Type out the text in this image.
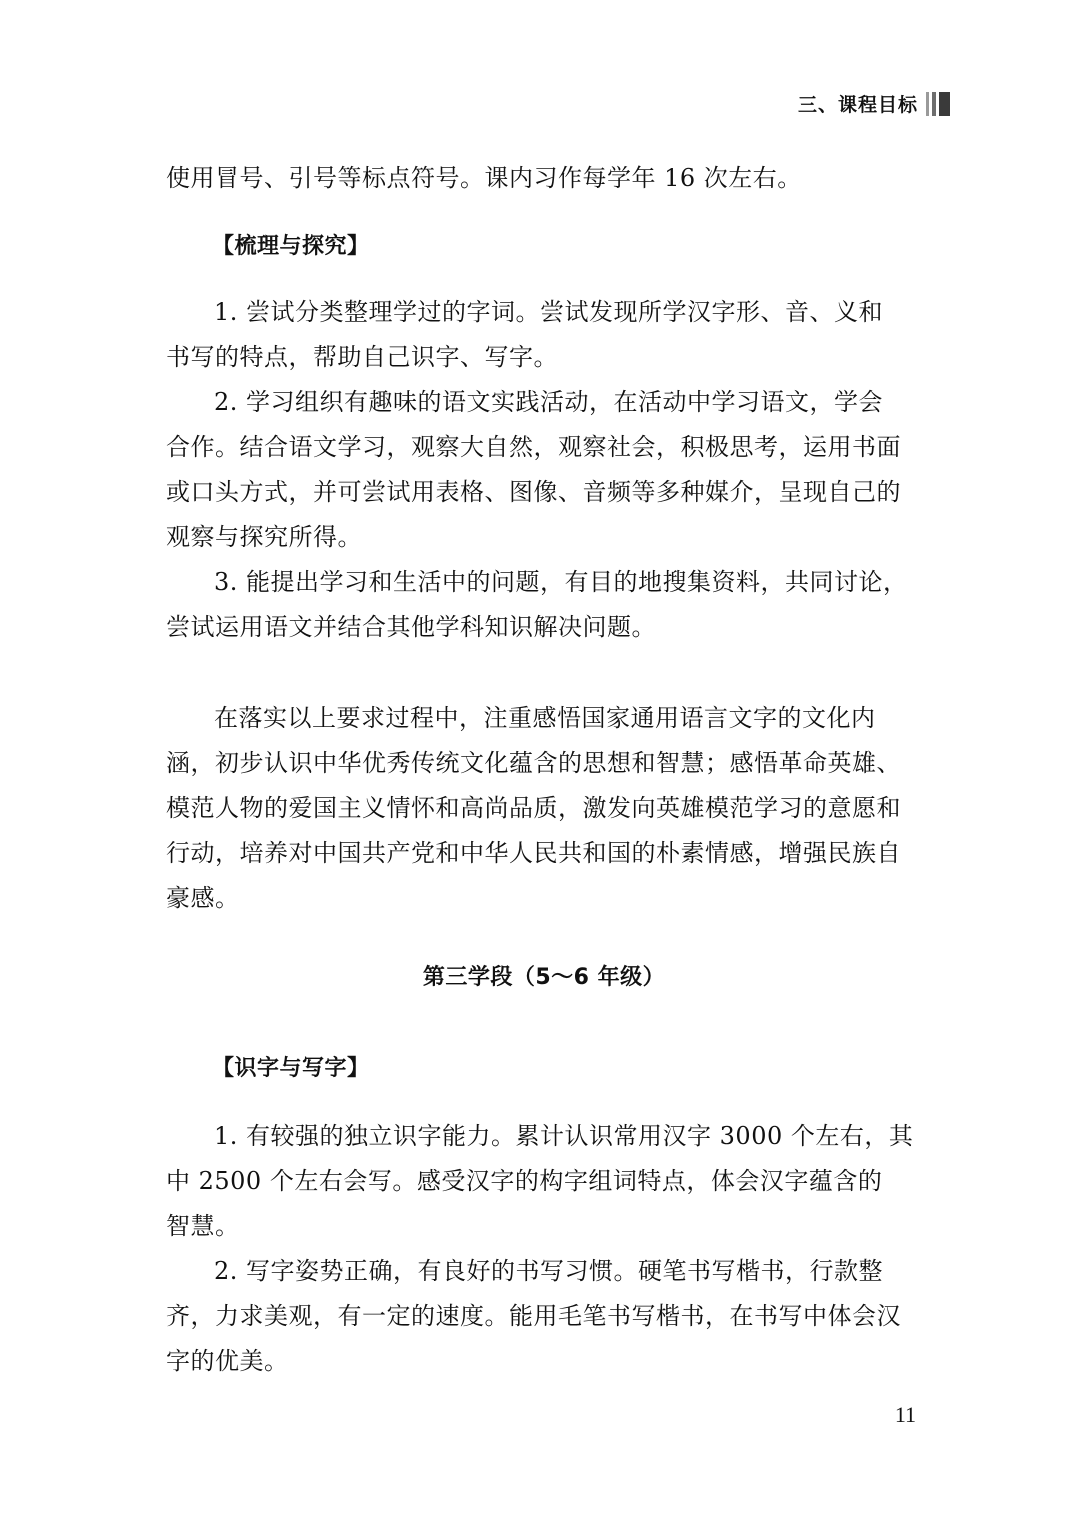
三、课程目标
使用冒号、引号等标点符号。课内习作每学年 16 次左右。
【梳理与探究】
1. 尝试分类整理学过的字词。尝试发现所学汉字形、音、义和
书写的特点，帮助自己识字、写字。
2. 学习组织有趣味的语文实践活动，在活动中学习语文，学会
合作。结合语文学习，观察大自然，观察社会，积极思考，运用书面
或口头方式，并可尝试用表格、图像、音频等多种媒介，呈现自己的
观察与探究所得。
3. 能提出学习和生活中的问题，有目的地搜集资料，共同讨论，
尝试运用语文并结合其他学科知识解决问题。
在落实以上要求过程中，注重感悟国家通用语言文字的文化内
涵，初步认识中华优秀传统文化蕴含的思想和智慧；感悟革命英雄、
模范人物的爱国主义情怀和高尚品质，激发向英雄模范学习的意愿和
行动，培养对中国共产党和中华人民共和国的朴素情感，增强民族自
豪感。
第三学段（5～6 年级）
【识字与写字】
1. 有较强的独立识字能力。累计认识常用汉字 3000 个左右，其
中 2500 个左右会写。感受汉字的构字组词特点，体会汉字蕴含的
智慧。
2. 写字姿势正确，有良好的书写习惯。硬笔书写楷书，行款整
齐，力求美观，有一定的速度。能用毛笔书写楷书，在书写中体会汉
字的优美。
11
